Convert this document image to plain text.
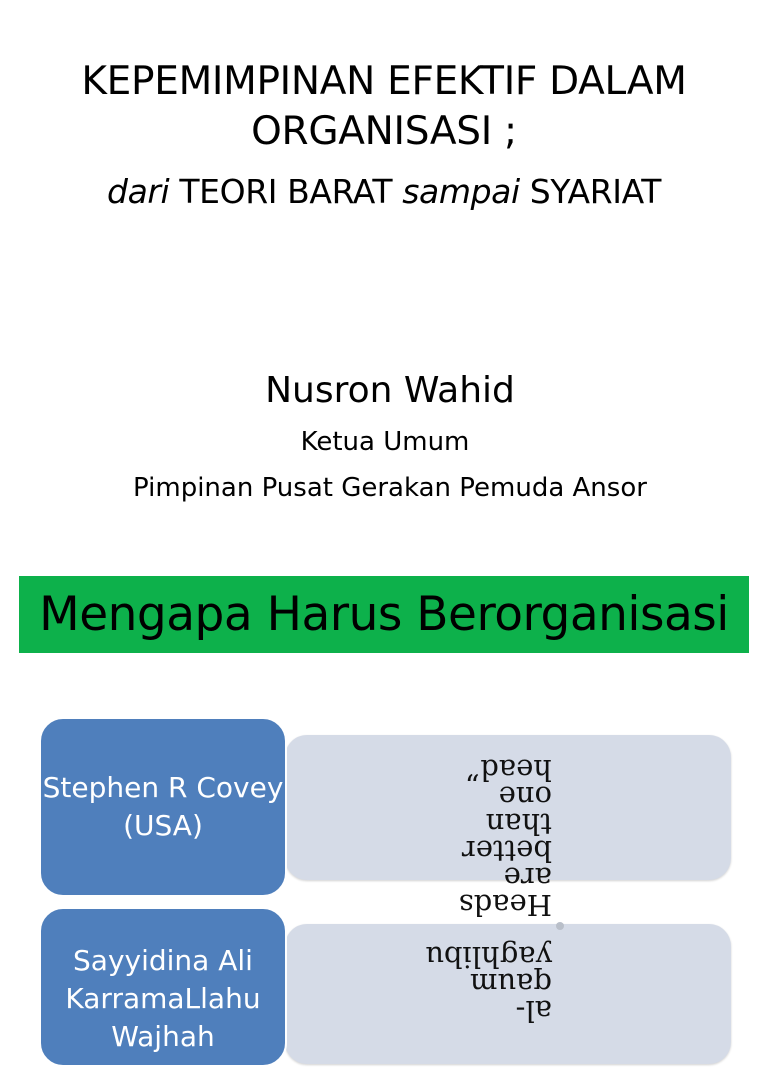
KEPEMIMPINAN EFEKTIF DALAM ORGANISASI ;
dari TEORI BARAT sampai SYARIAT
Nusron Wahid
Ketua Umum
Pimpinan Pusat Gerakan Pemuda Ansor
Mengapa Harus Berorganisasi
Heads are better than one head”
al-qaum yaghlibu
Stephen R Covey (USA)
Sayyidina Ali KarramaLlahu Wajhah
